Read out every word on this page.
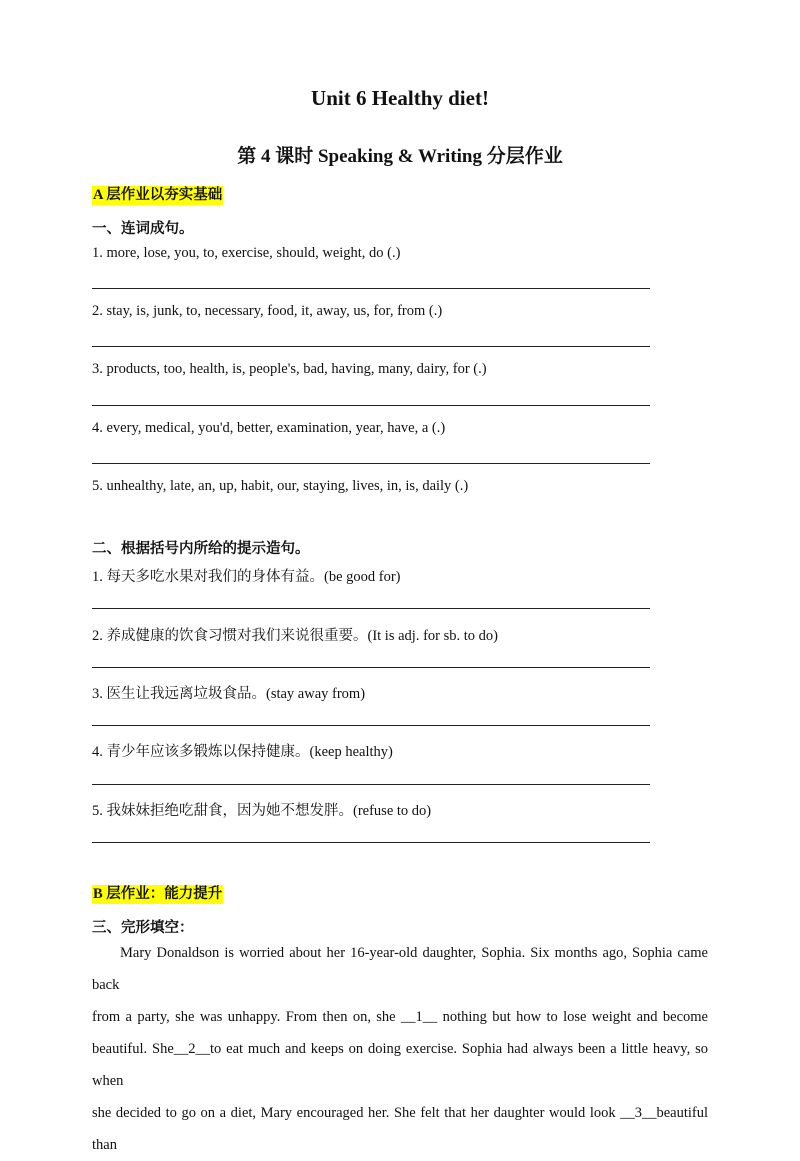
Unit 6 Healthy diet!
第 4 课时 Speaking & Writing 分层作业
A 层作业以夯实基础
一、连词成句。
1. more, lose, you, to, exercise, should, weight, do (.)
2. stay, is, junk, to, necessary, food, it, away, us, for, from (.)
3. products, too, health, is, people's, bad, having, many, dairy, for (.)
4. every, medical, you'd, better, examination, year, have, a (.)
5. unhealthy, late, an, up, habit, our, staying, lives, in, is, daily (.)
二、根据括号内所给的提示造句。
1. 每天多吃水果对我们的身体有益。(be good for)
2. 养成健康的饮食习惯对我们来说很重要。(It is adj. for sb. to do)
3. 医生让我远离垃圾食品。(stay away from)
4. 青少年应该多锻炼以保持健康。(keep healthy)
5. 我妹妹拒绝吃甜食，因为她不想发胖。(refuse to do)
B 层作业：能力提升
三、完形填空：
Mary Donaldson is worried about her 16-year-old daughter, Sophia. Six months ago, Sophia came back
from a party, she was unhappy. From then on, she __1__ nothing but how to lose weight and become
beautiful. She__2__to eat much and keeps on doing exercise. Sophia had always been a little heavy, so when
she decided to go on a diet, Mary encouraged her. She felt that her daughter would look __3__beautiful than
